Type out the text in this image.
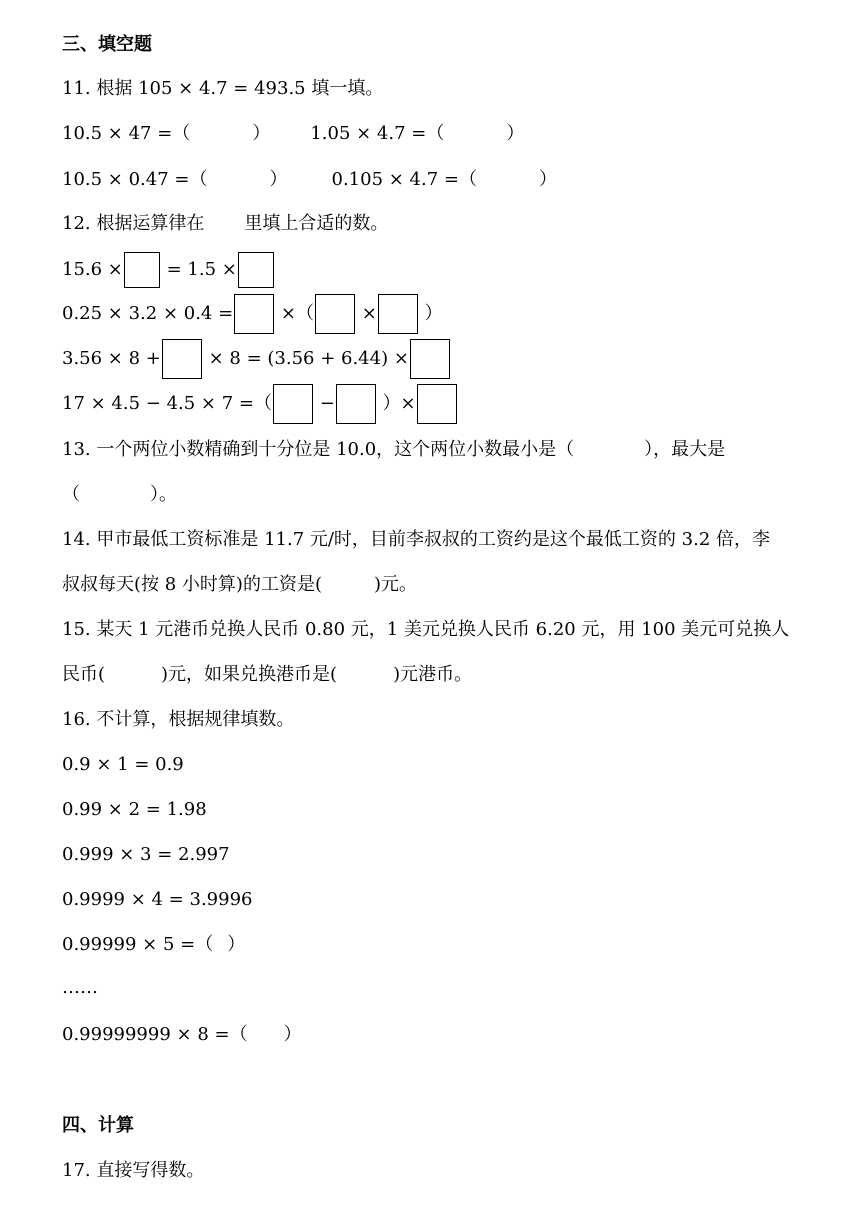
三、填空题
11. 根据 105 × 4.7 = 493.5 填一填。
10.5 × 47 =（	） 1.05 × 4.7 =（	）
10.5 × 0.47 =（	） 0.105 × 4.7 =（	）
12. 根据运算律在 里填上合适的数。
15.6 × = 1.5 ×
0.25 × 3.2 × 0.4 =	×（	×	）
3.56 × 8 +	× 8 = (3.56 + 6.44) ×
17 × 4.5 − 4.5 × 7 =（	−	）×
13. 一个两位小数精确到十分位是 10.0，这个两位小数最小是（	），最大是
（	）。
14. 甲市最低工资标准是 11.7 元/时，目前李叔叔的工资约是这个最低工资的 3.2 倍，李
叔叔每天(按 8 小时算)的工资是(	)元。
15. 某天 1 元港币兑换人民币 0.80 元，1 美元兑换人民币 6.20 元，用 100 美元可兑换人
民币(	)元，如果兑换港币是(	)元港币。
16. 不计算，根据规律填数。
0.9 × 1 = 0.9
0.99 × 2 = 1.98
0.999 × 3 = 2.997
0.9999 × 4 = 3.9996
0.99999 × 5 =（ ）
……
0.99999999 × 8 =（ ）
四、计算
17. 直接写得数。
